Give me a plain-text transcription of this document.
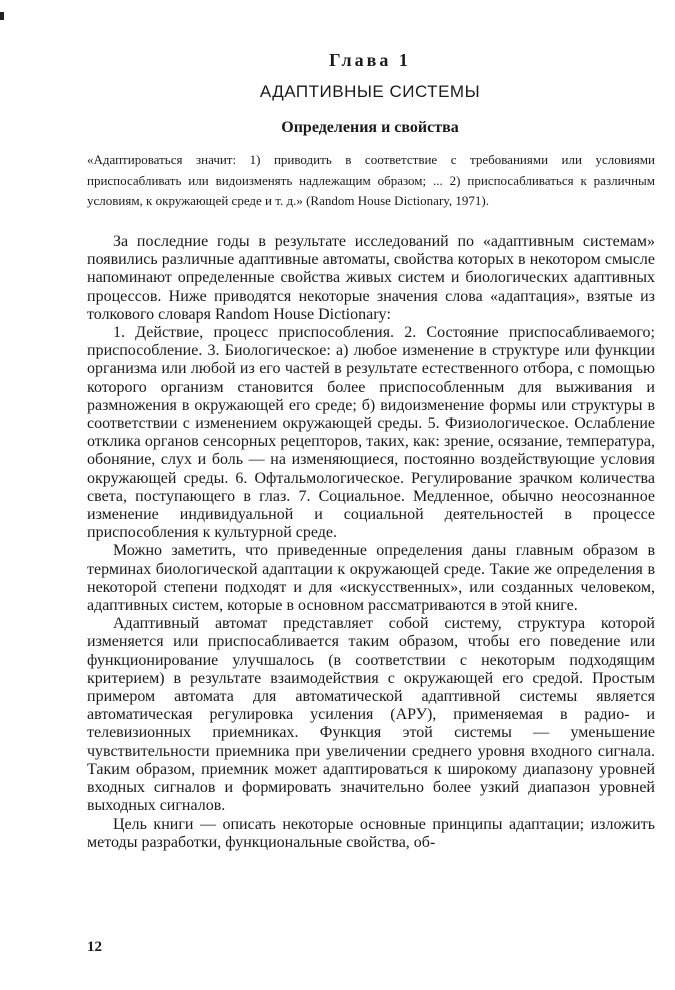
Глава 1
АДАПТИВНЫЕ СИСТЕМЫ
Определения и свойства
«Адаптироваться значит: 1) приводить в соответствие с требованиями или условиями приспосабливать или видоизменять надлежащим образом; ... 2) приспосабливаться к различным условиям, к окружающей среде и т. д.» (Random House Dictionary, 1971).

За последние годы в результате исследований по «адаптивным системам» появились различные адаптивные автоматы, свойства которых в некотором смысле напоминают определенные свойства живых систем и биологических адаптивных процессов. Ниже приводятся некоторые значения слова «адаптация», взятые из толкового словаря Random House Dictionary:

1. Действие, процесс приспособления. 2. Состояние приспосабливаемого; приспособление. 3. Биологическое: а) любое изменение в структуре или функции организма или любой из его частей в результате естественного отбора, с помощью которого организм становится более приспособленным для выживания и размножения в окружающей его среде; б) видоизменение формы или структуры в соответствии с изменением окружающей среды. 5. Физиологическое. Ослабление отклика органов сенсорных рецепторов, таких, как: зрение, осязание, температура, обоняние, слух и боль — на изменяющиеся, постоянно воздействующие условия окружающей среды. 6. Офтальмологическое. Регулирование зрачком количества света, поступающего в глаз. 7. Социальное. Медленное, обычно неосознанное изменение индивидуальной и социальной деятельностей в процессе приспособления к культурной среде.

Можно заметить, что приведенные определения даны главным образом в терминах биологической адаптации к окружающей среде. Такие же определения в некоторой степени подходят и для «искусственных», или созданных человеком, адаптивных систем, которые в основном рассматриваются в этой книге.

Адаптивный автомат представляет собой систему, структура которой изменяется или приспосабливается таким образом, чтобы его поведение или функционирование улучшалось (в соответствии с некоторым подходящим критерием) в результате взаимодействия с окружающей его средой. Простым примером автомата для автоматической адаптивной системы является автоматическая регулировка усиления (АРУ), применяемая в радио- и телевизионных приемниках. Функция этой системы — уменьшение чувствительности приемника при увеличении среднего уровня входного сигнала. Таким образом, приемник может адаптироваться к широкому диапазону уровней входных сигналов и формировать значительно более узкий диапазон уровней выходных сигналов.

Цель книги — описать некоторые основные принципы адаптации; изложить методы разработки, функциональные свойства, об-

12
